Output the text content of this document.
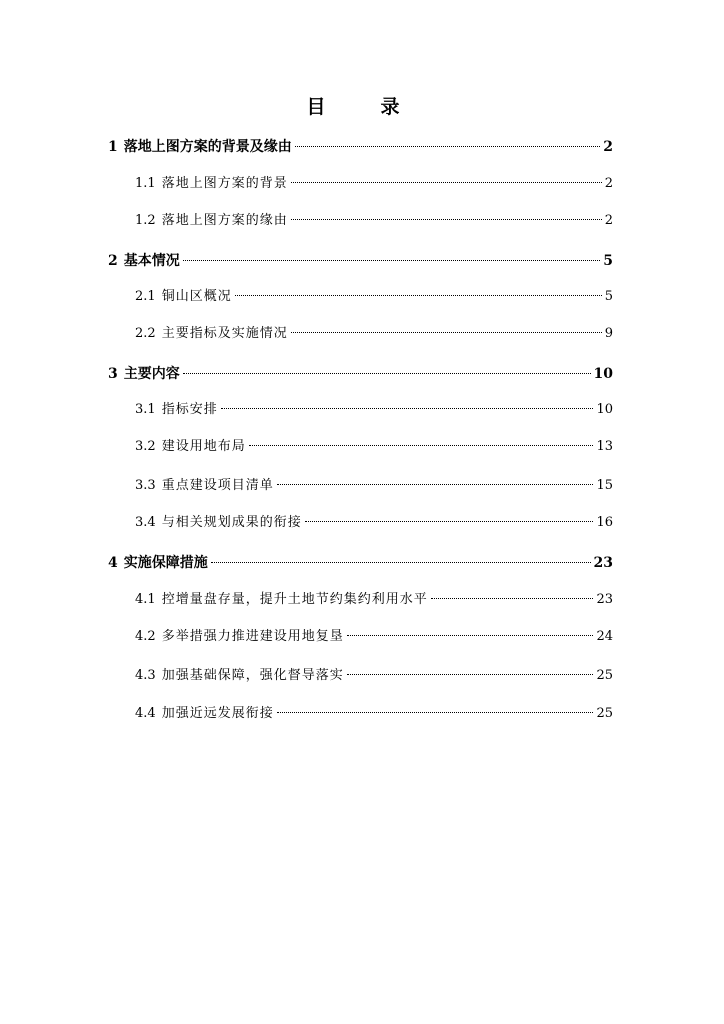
目　录
1 落地上图方案的背景及缘由	2
1.1 落地上图方案的背景	2
1.2 落地上图方案的缘由	2
2 基本情况	5
2.1 铜山区概况	5
2.2 主要指标及实施情况	9
3 主要内容	10
3.1 指标安排	10
3.2 建设用地布局	13
3.3 重点建设项目清单	15
3.4 与相关规划成果的衔接	16
4 实施保障措施	23
4.1 控增量盘存量，提升土地节约集约利用水平	23
4.2 多举措强力推进建设用地复垦	24
4.3 加强基础保障，强化督导落实	25
4.4 加强近远发展衔接	25
